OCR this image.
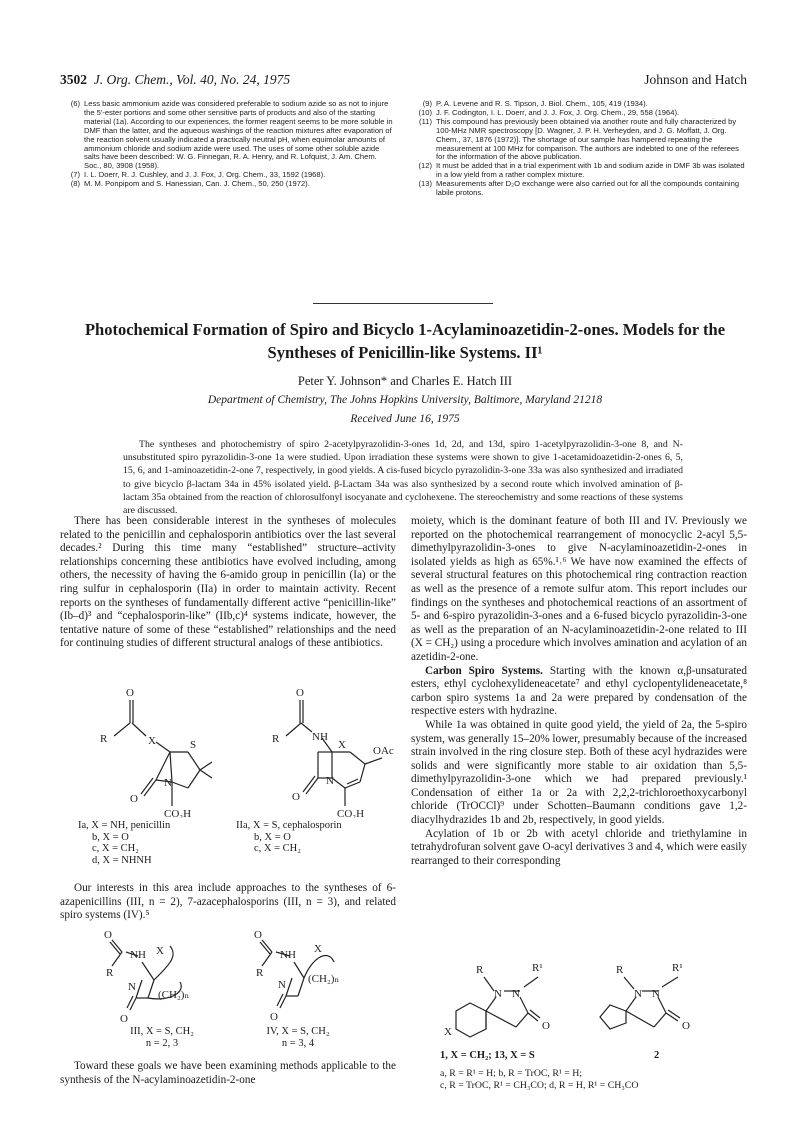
3502 J. Org. Chem., Vol. 40, No. 24, 1975	Johnson and Hatch
(6) Less basic ammonium azide was considered preferable to sodium azide so as not to injure the 5′-ester portions and some other sensitive parts of products and also of the starting material (1a). According to our experiences, the former reagent seems to be more soluble in DMF than the latter, and the aqueous washings of the reaction mixtures after evaporation of the reaction solvent usually indicated a practically neutral pH, when equimolar amounts of ammonium chloride and sodium azide were used. The uses of some other soluble azide salts have been described: W. G. Finnegan, R. A. Henry, and R. Lofquist, J. Am. Chem. Soc., 80, 3908 (1958).
(7) I. L. Doerr, R. J. Cushley, and J. J. Fox, J. Org. Chem., 33, 1592 (1968).
(8) M. M. Ponpipom and S. Hanessian, Can. J. Chem., 50, 250 (1972).
(9) P. A. Levene and R. S. Tipson, J. Biol. Chem., 105, 419 (1934).
(10) J. F. Codington, I. L. Doerr, and J. J. Fox, J. Org. Chem., 29, 558 (1964).
(11) This compound has previously been obtained via another route and fully characterized by 100-MHz NMR spectroscopy [D. Wagner, J. P. H. Verheyden, and J. G. Moffatt, J. Org. Chem., 37, 1876 (1972)]. The shortage of our sample has hampered repeating the measurement at 100 MHz for comparison. The authors are indebted to one of the referees for the information of the above publication.
(12) It must be added that in a trial experiment with 1b and sodium azide in DMF 3b was isolated in a low yield from a rather complex mixture.
(13) Measurements after D₂O exchange were also carried out for all the compounds containing labile protons.
Photochemical Formation of Spiro and Bicyclo 1-Acylaminoazetidin-2-ones. Models for the Syntheses of Penicillin-like Systems. II¹
Peter Y. Johnson* and Charles E. Hatch III
Department of Chemistry, The Johns Hopkins University, Baltimore, Maryland 21218
Received June 16, 1975
The syntheses and photochemistry of spiro 2-acetylpyrazolidin-3-ones 1d, 2d, and 13d, spiro 1-acetylpyrazolidin-3-one 8, and N-unsubstituted spiro pyrazolidin-3-one 1a were studied. Upon irradiation these systems were shown to give 1-acetamidoazetidin-2-ones 6, 5, 15, 6, and 1-aminoazetidin-2-one 7, respectively, in good yields. A cis-fused bicyclo pyrazolidin-3-one 33a was also synthesized and irradiated to give bicyclo β-lactam 34a in 45% isolated yield. β-Lactam 34a was also synthesized by a second route which involved amination of β-lactam 35a obtained from the reaction of chlorosulfonyl isocyanate and cyclohexene. The stereochemistry and some reactions of these systems are discussed.

There has been considerable interest in the syntheses of molecules related to the penicillin and cephalosporin antibiotics over the last several decades.² During this time many “established” structure–activity relationships concerning these antibiotics have evolved including, among others, the necessity of having the 6-amido group in penicillin (Ia) or the ring sulfur in cephalosporin (IIa) in order to maintain activity. Recent reports on the syntheses of fundamentally different active “penicillin-like” (Ib–d)³ and “cephalosporin-like” (IIb,c)⁴ systems indicate, however, the tentative nature of some of these “established” relationships and the need for continuing studies of different structural analogs of these antibiotics.

O
R	X	S
N
O
CO₂H
O
R	NH
X
N
O
CO₂H
OAc
Ia, X = NH, penicillin
b, X = O
c, X = CH₂
d, X = NHNH
IIa, X = S, cephalosporin
b, X = O
c, X = CH₂

Our interests in this area include approaches to the syntheses of 6-azapenicillins (III, n = 2), 7-azacephalosporins (III, n = 3), and related spiro systems (IV).⁵

O
NH
R
X
N
(CH₂)ₙ
O
O
NH
R
X
N (CH₂)ₙ
O
III, X = S, CH₂
n = 2, 3
IV, X = S, CH₂
n = 3, 4

Toward these goals we have been examining methods applicable to the synthesis of the N-acylaminoazetidin-2-one

moiety, which is the dominant feature of both III and IV. Previously we reported on the photochemical rearrangement of monocyclic 2-acyl 5,5-dimethylpyrazolidin-3-ones to give N-acylaminoazetidin-2-ones in isolated yields as high as 65%.¹˒⁶ We have now examined the effects of several structural features on this photochemical ring contraction reaction as well as the presence of a remote sulfur atom. This report includes our findings on the syntheses and photochemical reactions of an assortment of 5- and 6-spiro pyrazolidin-3-ones and a 6-fused bicyclo pyrazolidin-3-one as well as the preparation of an N-acylaminoazetidin-2-one related to III (X = CH₂) using a procedure which involves amination and acylation of an azetidin-2-one.

Carbon Spiro Systems. Starting with the known α,β-unsaturated esters, ethyl cyclohexylideneacetate⁷ and ethyl cyclopentylideneacetate,⁸ carbon spiro systems 1a and 2a were prepared by condensation of the respective esters with hydrazine.

While 1a was obtained in quite good yield, the yield of 2a, the 5-spiro system, was generally 15–20% lower, presumably because of the increased strain involved in the ring closure step. Both of these acyl hydrazides were solids and were significantly more stable to air oxidation than 5,5-dimethylpyrazolidin-3-one which we had prepared previously.¹ Condensation of either 1a or 2a with 2,2,2-trichloroethoxycarbonyl chloride (TrOCCl)⁹ under Schotten–Baumann conditions gave 1,2-diacylhydrazides 1b and 2b, respectively, in good yields.

Acylation of 1b or 2b with acetyl chloride and triethylamine in tetrahydrofuran solvent gave O-acyl derivatives 3 and 4, which were easily rearranged to their corresponding

R	R¹
N N
O
X
R	R¹
N N
O
1, X = CH₂; 13, X = S	2
a, R = R¹ = H; b, R = TrOC, R¹ = H;
c, R = TrOC, R¹ = CH₃CO; d, R = H, R¹ = CH₃CO
